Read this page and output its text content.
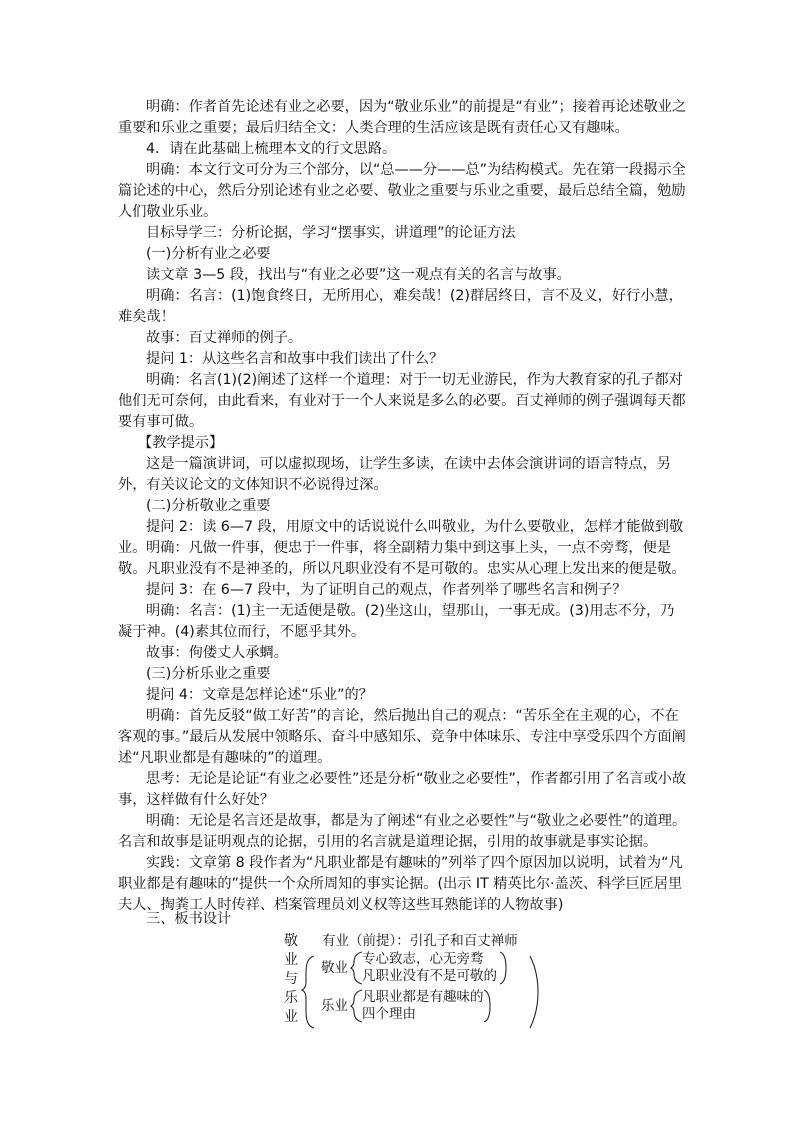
明确：作者首先论述有业之必要，因为“敬业乐业”的前提是“有业”；接着再论述敬业之重要和乐业之重要；最后归结全文：人类合理的生活应该是既有责任心又有趣味。
4．请在此基础上梳理本文的行文思路。
明确：本文行文可分为三个部分，以“总——分——总”为结构模式。先在第一段揭示全篇论述的中心，然后分别论述有业之必要、敬业之重要与乐业之重要，最后总结全篇，勉励人们敬业乐业。
目标导学三：分析论据，学习“摆事实，讲道理”的论证方法
(一)分析有业之必要
读文章 3—5 段，找出与“有业之必要”这一观点有关的名言与故事。
明确：名言：(1)饱食终日，无所用心，难矣哉！(2)群居终日，言不及义，好行小慧，难矣哉！
故事：百丈禅师的例子。
提问 1：从这些名言和故事中我们读出了什么？
明确：名言(1)(2)阐述了这样一个道理：对于一切无业游民，作为大教育家的孔子都对他们无可奈何，由此看来，有业对于一个人来说是多么的必要。百丈禅师的例子强调每天都要有事可做。
【教学提示】
这是一篇演讲词，可以虚拟现场，让学生多读，在读中去体会演讲词的语言特点，另外，有关议论文的文体知识不必说得过深。
(二)分析敬业之重要
提问 2：读 6—7 段，用原文中的话说说什么叫敬业，为什么要敬业，怎样才能做到敬业。 明确：凡做一件事，便忠于一件事，将全副精力集中到这事上头，一点不旁骛，便是敬。凡职业没有不是神圣的，所以凡职业没有不是可敬的。忠实从心理上发出来的便是敬。
提问 3：在 6—7 段中，为了证明自己的观点，作者列举了哪些名言和例子？
明确：名言：(1)主一无适便是敬。(2)坐这山，望那山，一事无成。(3)用志不分，乃凝于神。(4)素其位而行，不愿乎其外。
故事：佝偻丈人承蜩。
(三)分析乐业之重要
提问 4：文章是怎样论述“乐业”的？
明确：首先反驳“做工好苦”的言论，然后抛出自己的观点：“苦乐全在主观的心，不在客观的事。”最后从发展中领略乐、奋斗中感知乐、竞争中体味乐、专注中享受乐四个方面阐述“凡职业都是有趣味的”的道理。
思考：无论是论证“有业之必要性”还是分析“敬业之必要性”，作者都引用了名言或小故事，这样做有什么好处？
明确：无论是名言还是故事，都是为了阐述“有业之必要性”与“敬业之必要性”的道理。名言和故事是证明观点的论据，引用的名言就是道理论据，引用的故事就是事实论据。
实践：文章第 8 段作者为“凡职业都是有趣味的”列举了四个原因加以说明，试着为“凡职业都是有趣味的”提供一个众所周知的事实论据。(出示 IT 精英比尔·盖茨、科学巨匠居里夫人、掏粪工人时传祥、档案管理员刘义权等这些耳熟能详的人物故事)
三、板书设计
敬
业
与
乐
业
有业（前提）：引孔子和百丈禅师
敬业
专心致志，心无旁骛
凡职业没有不是可敬的
乐业
凡职业都是有趣味的
四个理由
